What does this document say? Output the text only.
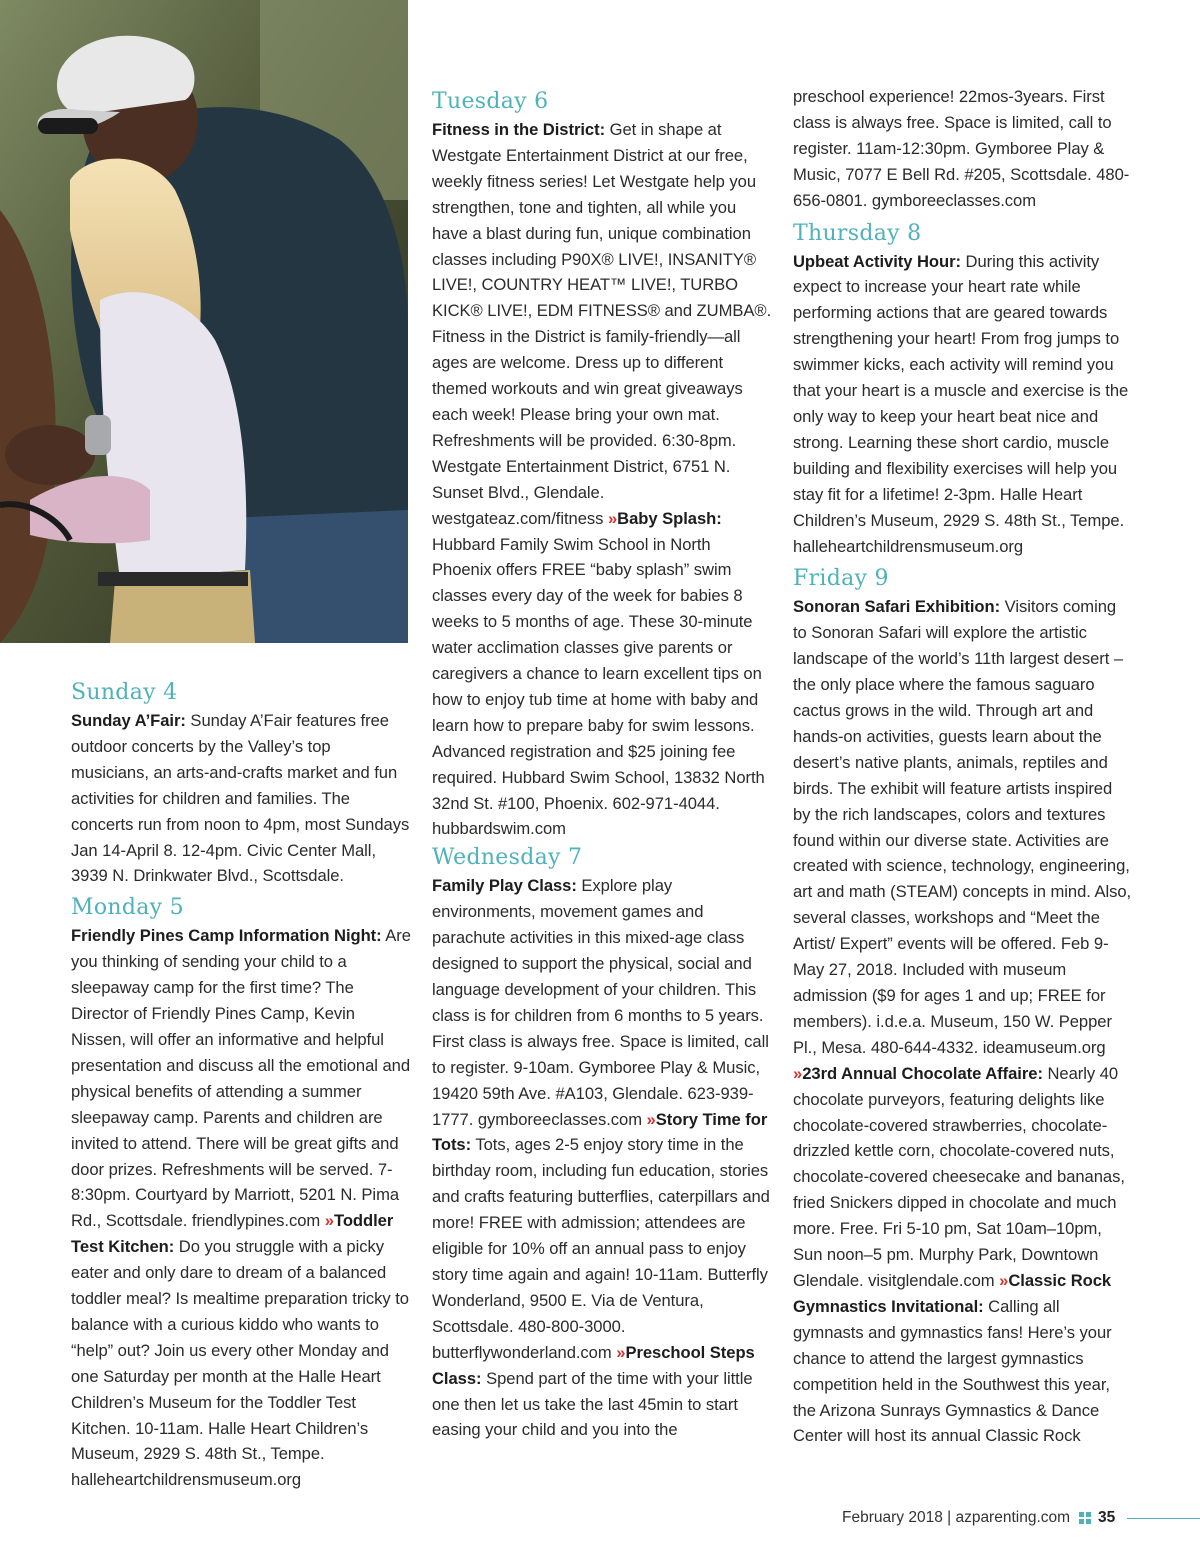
Sunday 4

Sunday A’Fair: Sunday A’Fair features free outdoor concerts by the Valley’s top musicians, an arts-and-crafts market and fun activities for children and families. The concerts run from noon to 4pm, most Sundays Jan 14-April 8. 12-4pm. Civic Center Mall, 3939 N. Drinkwater Blvd., Scottsdale.

Monday 5

Friendly Pines Camp Information Night: Are you thinking of sending your child to a sleepaway camp for the first time? The Director of Friendly Pines Camp, Kevin Nissen, will offer an informative and helpful presentation and discuss all the emotional and physical benefits of attending a summer sleepaway camp. Parents and children are invited to attend. There will be great gifts and door prizes. Refreshments will be served. 7-8:30pm. Courtyard by Marriott, 5201 N. Pima Rd., Scottsdale. friendlypines.com » Toddler Test Kitchen: Do you struggle with a picky eater and only dare to dream of a balanced toddler meal? Is mealtime preparation tricky to balance with a curious kiddo who wants to “help” out? Join us every other Monday and one Saturday per month at the Halle Heart Children’s Museum for the Toddler Test Kitchen. 10-11am. Halle Heart Children’s Museum, 2929 S. 48th St., Tempe. halleheartchildrensmuseum.org

Tuesday 6

Fitness in the District: Get in shape at Westgate Entertainment District at our free, weekly fitness series! Let Westgate help you strengthen, tone and tighten, all while you have a blast during fun, unique combination classes including P90X® LIVE!, INSANITY® LIVE!, COUNTRY HEAT™ LIVE!, TURBO KICK® LIVE!, EDM FITNESS® and ZUMBA®. Fitness in the District is family-friendly—all ages are welcome. Dress up to different themed workouts and win great giveaways each week! Please bring your own mat. Refreshments will be provided. 6:30-8pm. Westgate Entertainment District, 6751 N. Sunset Blvd., Glendale. westgateaz.com/fitness » Baby Splash: Hubbard Family Swim School in North Phoenix offers FREE “baby splash” swim classes every day of the week for babies 8 weeks to 5 months of age. These 30-minute water acclimation classes give parents or caregivers a chance to learn excellent tips on how to enjoy tub time at home with baby and learn how to prepare baby for swim lessons. Advanced registration and $25 joining fee required. Hubbard Swim School, 13832 North 32nd St. #100, Phoenix. 602-971-4044. hubbardswim.com

Wednesday 7

Family Play Class: Explore play environments, movement games and parachute activities in this mixed-age class designed to support the physical, social and language development of your children. This class is for children from 6 months to 5 years. First class is always free. Space is limited, call to register. 9-10am. Gymboree Play & Music, 19420 59th Ave. #A103, Glendale. 623-939-1777. gymboreeclasses.com » Story Time for Tots: Tots, ages 2-5 enjoy story time in the birthday room, including fun education, stories and crafts featuring butterflies, caterpillars and more! FREE with admission; attendees are eligible for 10% off an annual pass to enjoy story time again and again! 10-11am. Butterfly Wonderland, 9500 E. Via de Ventura, Scottsdale. 480-800-3000. butterflywonderland.com » Preschool Steps Class: Spend part of the time with your little one then let us take the last 45min to start easing your child and you into the

preschool experience! 22mos-3years. First class is always free. Space is limited, call to register. 11am-12:30pm. Gymboree Play & Music, 7077 E Bell Rd. #205, Scottsdale. 480-656-0801. gymboreeclasses.com

Thursday 8

Upbeat Activity Hour: During this activity expect to increase your heart rate while performing actions that are geared towards strengthening your heart! From frog jumps to swimmer kicks, each activity will remind you that your heart is a muscle and exercise is the only way to keep your heart beat nice and strong. Learning these short cardio, muscle building and flexibility exercises will help you stay fit for a lifetime! 2-3pm. Halle Heart Children’s Museum, 2929 S. 48th St., Tempe. halleheartchildrensmuseum.org

Friday 9

Sonoran Safari Exhibition: Visitors coming to Sonoran Safari will explore the artistic landscape of the world’s 11th largest desert – the only place where the famous saguaro cactus grows in the wild. Through art and hands-on activities, guests learn about the desert’s native plants, animals, reptiles and birds. The exhibit will feature artists inspired by the rich landscapes, colors and textures found within our diverse state. Activities are created with science, technology, engineering, art and math (STEAM) concepts in mind. Also, several classes, workshops and “Meet the Artist/ Expert” events will be offered. Feb 9-May 27, 2018. Included with museum admission ($9 for ages 1 and up; FREE for members). i.d.e.a. Museum, 150 W. Pepper Pl., Mesa. 480-644-4332. ideamuseum.org » 23rd Annual Chocolate Affaire: Nearly 40 chocolate purveyors, featuring delights like chocolate-covered strawberries, chocolate-drizzled kettle corn, chocolate-covered nuts, chocolate-covered cheesecake and bananas, fried Snickers dipped in chocolate and much more. Free. Fri 5-10 pm, Sat 10am–10pm, Sun noon–5 pm. Murphy Park, Downtown Glendale. visitglendale.com » Classic Rock Gymnastics Invitational: Calling all gymnasts and gymnastics fans! Here’s your chance to attend the largest gymnastics competition held in the Southwest this year, the Arizona Sunrays Gymnastics & Dance Center will host its annual Classic Rock

February 2018 | azparenting.com 35
